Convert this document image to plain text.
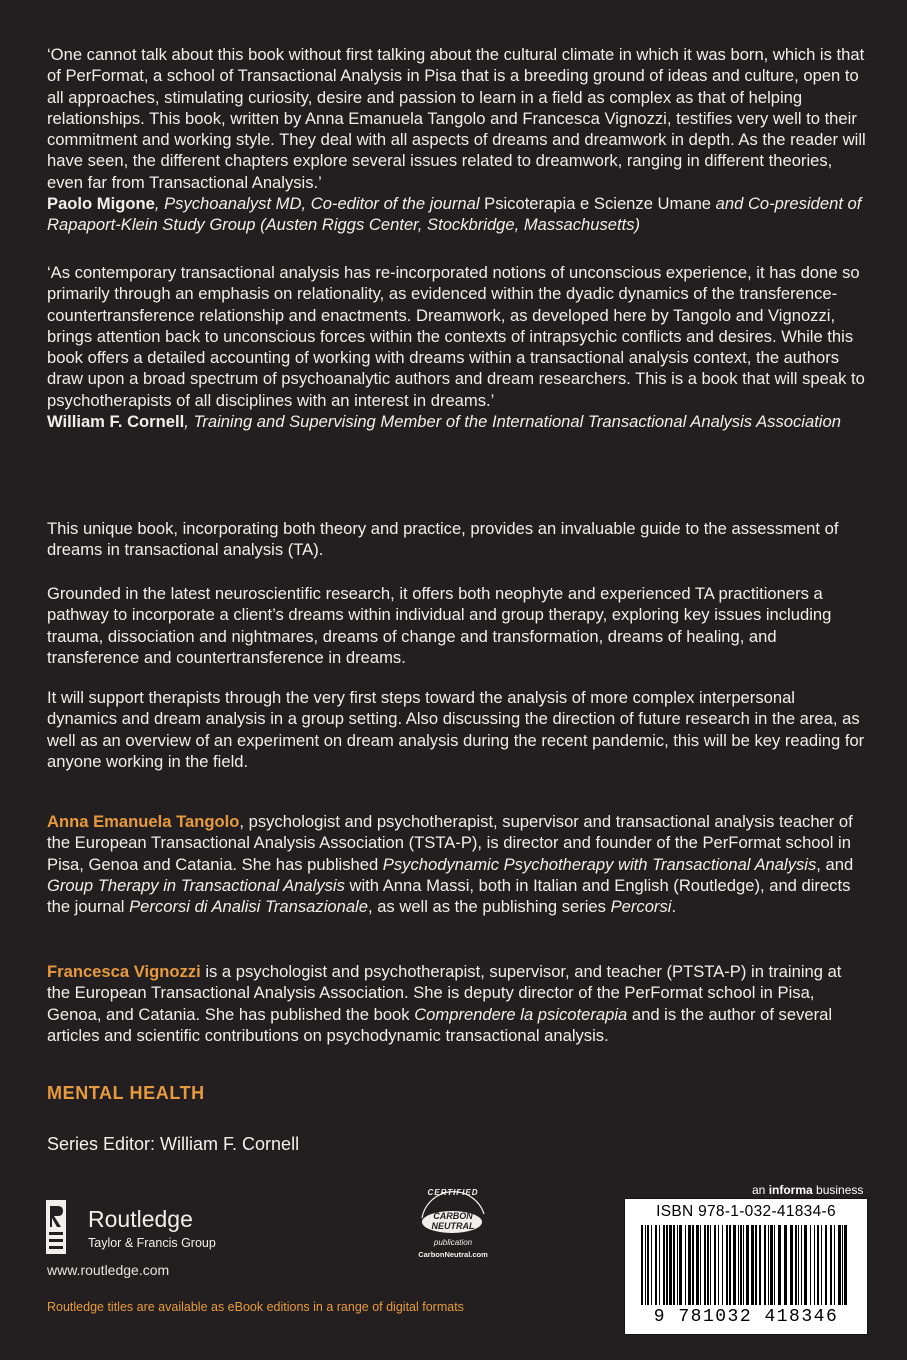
‘One cannot talk about this book without first talking about the cultural climate in which it was born, which is that of PerFormat, a school of Transactional Analysis in Pisa that is a breeding ground of ideas and culture, open to all approaches, stimulating curiosity, desire and passion to learn in a field as complex as that of helping relationships. This book, written by Anna Emanuela Tangolo and Francesca Vignozzi, testifies very well to their commitment and working style. They deal with all aspects of dreams and dreamwork in depth. As the reader will have seen, the different chapters explore several issues related to dreamwork, ranging in different theories, even far from Transactional Analysis.’

Paolo Migone, Psychoanalyst MD, Co-editor of the journal Psicoterapia e Scienze Umane and Co-president of Rapaport-Klein Study Group (Austen Riggs Center, Stockbridge, Massachusetts)

‘As contemporary transactional analysis has re-incorporated notions of unconscious experience, it has done so primarily through an emphasis on relationality, as evidenced within the dyadic dynamics of the transference-countertransference relationship and enactments. Dreamwork, as developed here by Tangolo and Vignozzi, brings attention back to unconscious forces within the contexts of intrapsychic conflicts and desires. While this book offers a detailed accounting of working with dreams within a transactional analysis context, the authors draw upon a broad spectrum of psychoanalytic authors and dream researchers. This is a book that will speak to psychotherapists of all disciplines with an interest in dreams.’

William F. Cornell, Training and Supervising Member of the International Transactional Analysis Association

This unique book, incorporating both theory and practice, provides an invaluable guide to the assessment of dreams in transactional analysis (TA).

Grounded in the latest neuroscientific research, it offers both neophyte and experienced TA practitioners a pathway to incorporate a client’s dreams within individual and group therapy, exploring key issues including trauma, dissociation and nightmares, dreams of change and transformation, dreams of healing, and transference and countertransference in dreams.

It will support therapists through the very first steps toward the analysis of more complex interpersonal dynamics and dream analysis in a group setting. Also discussing the direction of future research in the area, as well as an overview of an experiment on dream analysis during the recent pandemic, this will be key reading for anyone working in the field.

Anna Emanuela Tangolo, psychologist and psychotherapist, supervisor and transactional analysis teacher of the European Transactional Analysis Association (TSTA-P), is director and founder of the PerFormat school in Pisa, Genoa and Catania. She has published Psychodynamic Psychotherapy with Transactional Analysis, and Group Therapy in Transactional Analysis with Anna Massi, both in Italian and English (Routledge), and directs the journal Percorsi di Analisi Transazionale, as well as the publishing series Percorsi.

Francesca Vignozzi is a psychologist and psychotherapist, supervisor, and teacher (PTSTA-P) in training at the European Transactional Analysis Association. She is deputy director of the PerFormat school in Pisa, Genoa, and Catania. She has published the book Comprendere la psicoterapia and is the author of several articles and scientific contributions on psychodynamic transactional analysis.

MENTAL HEALTH
Series Editor: William F. Cornell
Routledge
Taylor & Francis Group
www.routledge.com
Routledge titles are available as eBook editions in a range of digital formats
CERTIFIED
CARBON
NEUTRAL
publication
CarbonNeutral.com
an informa business
ISBN 978-1-032-41834-6
9 781032 418346
